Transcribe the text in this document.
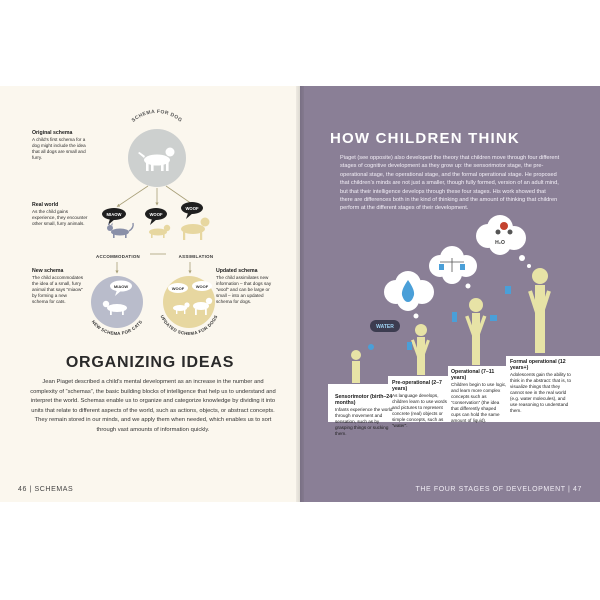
SCHEMA FOR DOG
MIAOW	WOOF
WOOF
ACCOMMODATION	ASSIMILATION
MIAOW
NEW SCHEMA FOR CATS
WOOF	WOOF
UPDATED SCHEMA FOR DOGS
Original schema
A child’s first schema for a dog might include the idea that all dogs are small and furry.
Real world
As the child gains experience, they encounter other small, furry animals.
New schema
The child accommodates the idea of a small, furry animal that says “miaow” by forming a new schema for cats.
Updated schema
The child assimilates new information – that dogs say “woof” and can be large or small – into an updated schema for dogs.
ORGANIZING IDEAS
Jean Piaget described a child’s mental development as an increase in the number and complexity of “schemas”, the basic building blocks of intelligence that help us to understand and interpret the world. Schemas enable us to organize and categorize knowledge by dividing it into units that relate to different aspects of the world, such as actions, objects, or abstract concepts. They remain stored in our minds, and we apply them when needed, which enables us to sort through vast amounts of information quickly.
46 | SCHEMAS
HOW CHILDREN THINK
Piaget (see opposite) also developed the theory that children move through four different stages of cognitive development as they grow up: the sensorimotor stage, the pre-operational stage, the operational stage, and the formal operational stage. He proposed that children’s minds are not just a smaller, though fully formed, version of an adult mind, but that their intelligence develops through these four stages. His work showed that there are differences both in the kind of thinking and the amount of thinking that children perform at the different stages of their development.
H₂O
WATER
Sensorimotor (birth–24 months)
Infants experience the world through movement and sensation, such as by grasping things or sucking them.
Pre-operational (2–7 years)
As language develops, children learn to use words and pictures to represent concrete (real) objects or simple concepts, such as “water”.
Operational (7–11 years)
Children begin to use logic, and learn more complex concepts such as “conservation” (the idea that differently shaped cups can hold the same amount of liquid).
Formal operational (12 years+)
Adolescents gain the ability to think in the abstract: that is, to visualize things that they cannot see in the real world (e.g. water molecules), and use reasoning to understand them.
THE FOUR STAGES OF DEVELOPMENT | 47
